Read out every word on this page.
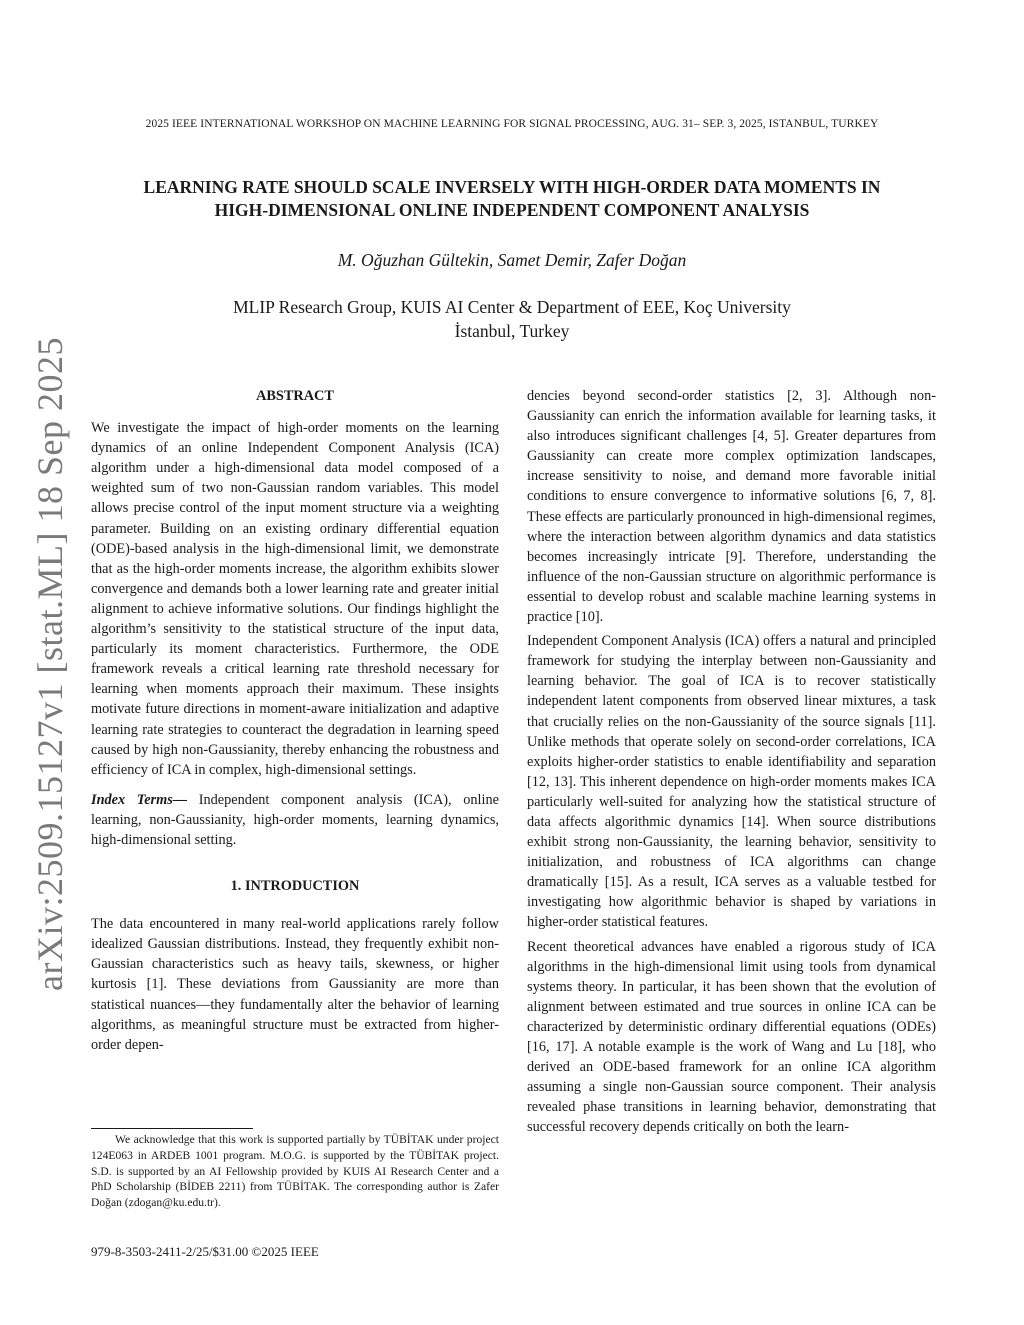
2025 IEEE INTERNATIONAL WORKSHOP ON MACHINE LEARNING FOR SIGNAL PROCESSING, AUG. 31– SEP. 3, 2025, ISTANBUL, TURKEY
LEARNING RATE SHOULD SCALE INVERSELY WITH HIGH-ORDER DATA MOMENTS IN
HIGH-DIMENSIONAL ONLINE INDEPENDENT COMPONENT ANALYSIS
M. Oğuzhan Gültekin, Samet Demir, Zafer Doğan
MLIP Research Group, KUIS AI Center & Department of EEE, Koç University
İstanbul, Turkey
arXiv:2509.15127v1 [stat.ML] 18 Sep 2025	ABSTRACT

We investigate the impact of high-order moments on the learning dynamics of an online Independent Component Analysis (ICA) algorithm under a high-dimensional data model composed of a weighted sum of two non-Gaussian random variables. This model allows precise control of the input moment structure via a weighting parameter. Building on an existing ordinary differential equation (ODE)-based analysis in the high-dimensional limit, we demonstrate that as the high-order moments increase, the algorithm exhibits slower convergence and demands both a lower learning rate and greater initial alignment to achieve informative solutions. Our findings highlight the algorithm’s sensitivity to the statistical structure of the input data, particularly its moment characteristics. Furthermore, the ODE framework reveals a critical learning rate threshold necessary for learning when moments approach their maximum. These insights motivate future directions in moment-aware initialization and adaptive learning rate strategies to counteract the degradation in learning speed caused by high non-Gaussianity, thereby enhancing the robustness and efficiency of ICA in complex, high-dimensional settings.

Index Terms— Independent component analysis (ICA), online learning, non-Gaussianity, high-order moments, learning dynamics, high-dimensional setting.

1. INTRODUCTION

The data encountered in many real-world applications rarely follow idealized Gaussian distributions. Instead, they frequently exhibit non-Gaussian characteristics such as heavy tails, skewness, or higher kurtosis [1]. These deviations from Gaussianity are more than statistical nuances—they fundamentally alter the behavior of learning algorithms, as meaningful structure must be extracted from higher-order depen-

dencies beyond second-order statistics [2, 3]. Although non-Gaussianity can enrich the information available for learning tasks, it also introduces significant challenges [4, 5]. Greater departures from Gaussianity can create more complex optimization landscapes, increase sensitivity to noise, and demand more favorable initial conditions to ensure convergence to informative solutions [6, 7, 8]. These effects are particularly pronounced in high-dimensional regimes, where the interaction between algorithm dynamics and data statistics becomes increasingly intricate [9]. Therefore, understanding the influence of the non-Gaussian structure on algorithmic performance is essential to develop robust and scalable machine learning systems in practice [10].

Independent Component Analysis (ICA) offers a natural and principled framework for studying the interplay between non-Gaussianity and learning behavior. The goal of ICA is to recover statistically independent latent components from observed linear mixtures, a task that crucially relies on the non-Gaussianity of the source signals [11]. Unlike methods that operate solely on second-order correlations, ICA exploits higher-order statistics to enable identifiability and separation [12, 13]. This inherent dependence on high-order moments makes ICA particularly well-suited for analyzing how the statistical structure of data affects algorithmic dynamics [14]. When source distributions exhibit strong non-Gaussianity, the learning behavior, sensitivity to initialization, and robustness of ICA algorithms can change dramatically [15]. As a result, ICA serves as a valuable testbed for investigating how algorithmic behavior is shaped by variations in higher-order statistical features.

Recent theoretical advances have enabled a rigorous study of ICA algorithms in the high-dimensional limit using tools from dynamical systems theory. In particular, it has been shown that the evolution of alignment between estimated and true sources in online ICA can be characterized by deterministic ordinary differential equations (ODEs) [16, 17]. A notable example is the work of Wang and Lu [18], who derived an ODE-based framework for an online ICA algorithm assuming a single non-Gaussian source component. Their analysis revealed phase transitions in learning behavior, demonstrating that successful recovery depends critically on both the learn-

We acknowledge that this work is supported partially by TÜBİTAK under project 124E063 in ARDEB 1001 program. M.O.G. is supported by the TÜBİTAK project. S.D. is supported by an AI Fellowship provided by KUIS AI Research Center and a PhD Scholarship (BİDEB 2211) from TÜBİTAK. The corresponding author is Zafer Doğan (zdogan@ku.edu.tr).
979-8-3503-2411-2/25/$31.00 ©2025 IEEE
